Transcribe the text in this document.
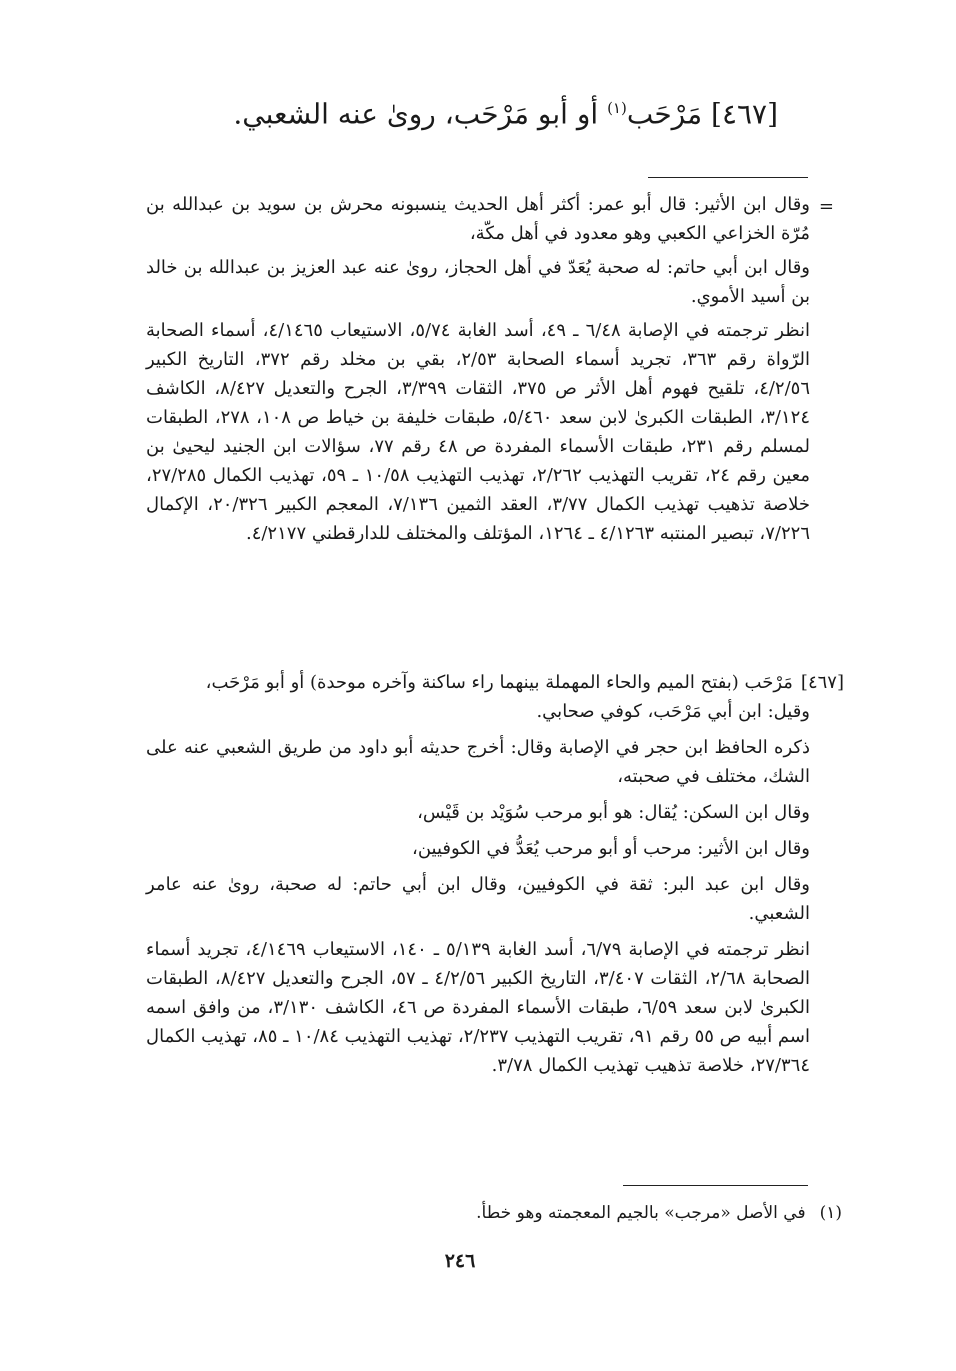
[٤٦٧] مَرْحَب$^{(١)}$ أو أبو مَرْحَب، روىٰ عنه الشعبي.
=

وقال ابن الأثير: قال أبو عمر: أكثر أهل الحديث ينسبونه محرش بن سويد بن عبدالله بن مُرّة الخزاعي الكعبي وهو معدود في أهل مكّة،

وقال ابن أبي حاتم: له صحبة يُعَدّ في أهل الحجاز، روىٰ عنه عبد العزيز بن عبدالله بن خالد بن أسيد الأموي.

انظر ترجمته في الإصابة ٦/٤٨ ـ ٤٩، أسد الغابة ٥/٧٤، الاستيعاب ٤/١٤٦٥، أسماء الصحابة الرّواة رقم ٣٦٣، تجريد أسماء الصحابة ٢/٥٣، بقي بن مخلد رقم ٣٧٢، التاريخ الكبير ٤/٢/٥٦، تلقيح فهوم أهل الأثر ص ٣٧٥، الثقات ٣/٣٩٩، الجرح والتعديل ٨/٤٢٧، الكاشف ٣/١٢٤، الطبقات الكبرىٰ لابن سعد ٥/٤٦٠، طبقات خليفة بن خياط ص ١٠٨، ٢٧٨، الطبقات لمسلم رقم ٢٣١، طبقات الأسماء المفردة ص ٤٨ رقم ٧٧، سؤالات ابن الجنيد ليحيىٰ بن معين رقم ٢٤، تقريب التهذيب ٢/٢٦٢، تهذيب التهذيب ١٠/٥٨ ـ ٥٩، تهذيب الكمال ٢٧/٢٨٥، خلاصة تذهيب تهذيب الكمال ٣/٧٧، العقد الثمين ٧/١٣٦، المعجم الكبير ٢٠/٣٢٦، الإكمال ٧/٢٢٦، تبصير المنتبه ٤/١٢٦٣ ـ ١٢٦٤، المؤتلف والمختلف للدارقطني ٤/٢١٧٧.

[٤٦٧]مَرْحَب (بفتح الميم والحاء المهملة بينهما راء ساكنة وآخره موحدة) أو أبو مَرْحَب،

وقيل: ابن أبي مَرْحَب، كوفي صحابي.

ذكره الحافظ ابن حجر في الإصابة وقال: أخرج حديثه أبو داود من طريق الشعبي عنه على الشك، مختلف في صحبته،

وقال ابن السكن: يُقال: هو أبو مرحب سُوَيْد بن قَيْس،

وقال ابن الأثير: مرحب أو أبو مرحب يُعَدُّ في الكوفيين،

وقال ابن عبد البر: ثقة في الكوفيين، وقال ابن أبي حاتم: له صحبة، روىٰ عنه عامر الشعبي.

انظر ترجمته في الإصابة ٦/٧٩، أسد الغابة ٥/١٣٩ ـ ١٤٠، الاستيعاب ٤/١٤٦٩، تجريد أسماء الصحابة ٢/٦٨، الثقات ٣/٤٠٧، التاريخ الكبير ٤/٢/٥٦ ـ ٥٧، الجرح والتعديل ٨/٤٢٧، الطبقات الكبرىٰ لابن سعد ٦/٥٩، طبقات الأسماء المفردة ص ٤٦، الكاشف ٣/١٣٠، من وافق اسمه اسم أبيه ص ٥٥ رقم ٩١، تقريب التهذيب ٢/٢٣٧، تهذيب التهذيب ١٠/٨٤ ـ ٨٥، تهذيب الكمال ٢٧/٣٦٤، خلاصة تذهيب تهذيب الكمال ٣/٧٨.

(١)في الأصل «مرجب» بالجيم المعجمته وهو خطأ.
٢٤٦
